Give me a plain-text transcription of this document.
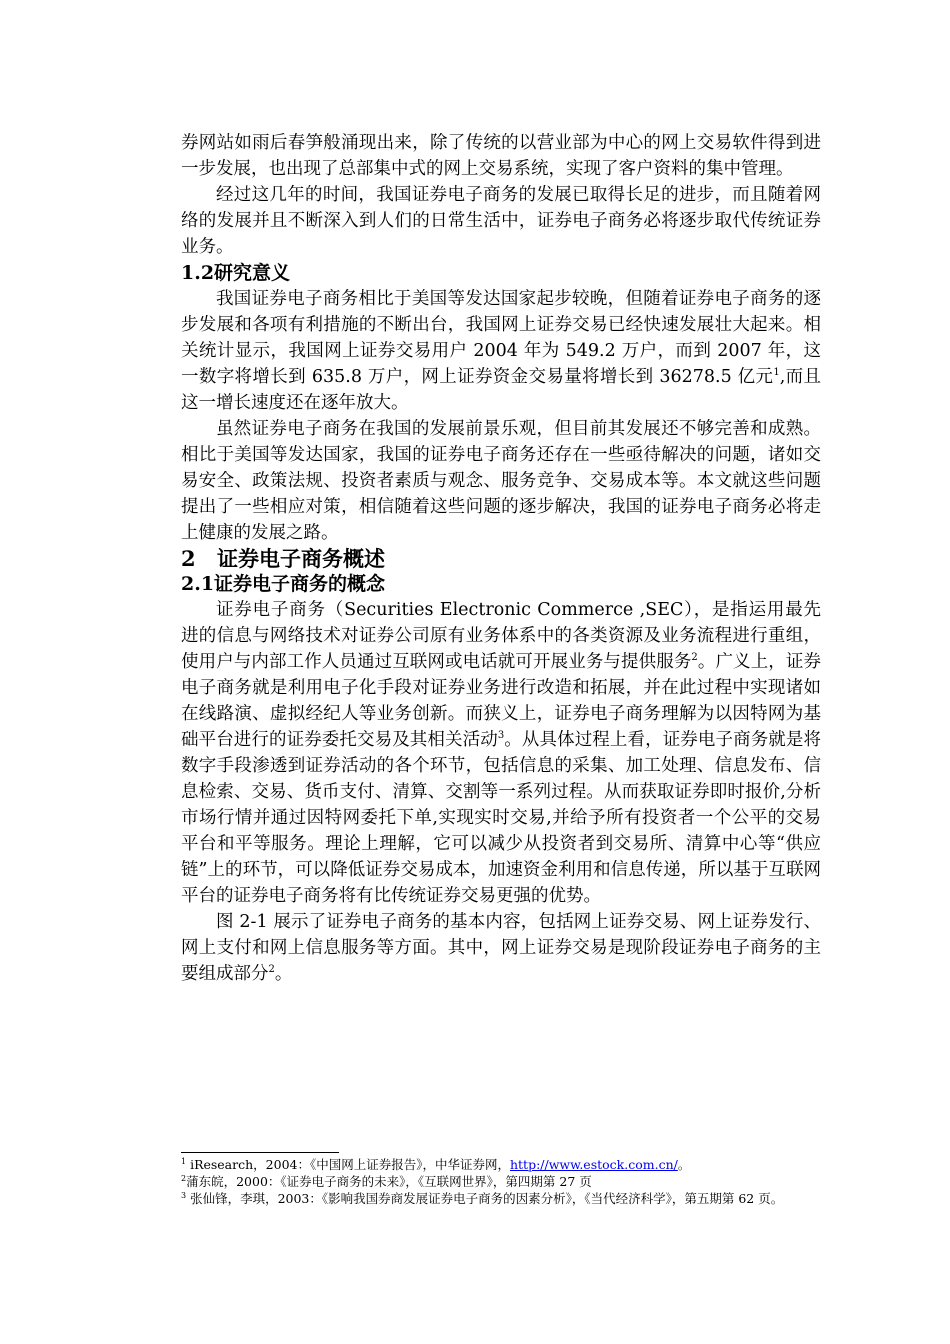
券网站如雨后春笋般涌现出来，除了传统的以营业部为中心的网上交易软件得到进一步发展，也出现了总部集中式的网上交易系统，实现了客户资料的集中管理。

经过这几年的时间，我国证券电子商务的发展已取得长足的进步，而且随着网络的发展并且不断深入到人们的日常生活中，证券电子商务必将逐步取代传统证券业务。

1.2研究意义

我国证券电子商务相比于美国等发达国家起步较晚，但随着证券电子商务的逐步发展和各项有利措施的不断出台，我国网上证券交易已经快速发展壮大起来。相关统计显示，我国网上证券交易用户 2004 年为 549.2 万户，而到 2007 年，这一数字将增长到 635.8 万户，网上证券资金交易量将增长到 36278.5 亿元$^1$,而且这一增长速度还在逐年放大。

虽然证券电子商务在我国的发展前景乐观，但目前其发展还不够完善和成熟。相比于美国等发达国家，我国的证券电子商务还存在一些亟待解决的问题，诸如交易安全、政策法规、投资者素质与观念、服务竞争、交易成本等。本文就这些问题提出了一些相应对策，相信随着这些问题的逐步解决，我国的证券电子商务必将走上健康的发展之路。

2 证券电子商务概述
2.1证券电子商务的概念

证券电子商务（Securities Electronic Commerce ,SEC），是指运用最先进的信息与网络技术对证券公司原有业务体系中的各类资源及业务流程进行重组，使用户与内部工作人员通过互联网或电话就可开展业务与提供服务$^2$。广义上，证券电子商务就是利用电子化手段对证券业务进行改造和拓展，并在此过程中实现诸如在线路演、虚拟经纪人等业务创新。而狭义上，证券电子商务理解为以因特网为基础平台进行的证券委托交易及其相关活动$^3$。从具体过程上看，证券电子商务就是将数字手段渗透到证券活动的各个环节，包括信息的采集、加工处理、信息发布、信息检索、交易、货币支付、清算、交割等一系列过程。从而获取证券即时报价,分析市场行情并通过因特网委托下单,实现实时交易,并给予所有投资者一个公平的交易平台和平等服务。理论上理解，它可以减少从投资者到交易所、清算中心等“供应链”上的环节，可以降低证券交易成本，加速资金利用和信息传递，所以基于互联网平台的证券电子商务将有比传统证券交易更强的优势。

图 2-1 展示了证券电子商务的基本内容，包括网上证券交易、网上证券发行、网上支付和网上信息服务等方面。其中，网上证券交易是现阶段证券电子商务的主要组成部分$^2$。

$^1$ iResearch，2004：《中国网上证券报告》，中华证券网，http://www.estock.com.cn/。

$^2$蒲东皖，2000：《证券电子商务的未来》，《互联网世界》，第四期第 27 页

$^3$ 张仙锋，李琪，2003：《影响我国券商发展证券电子商务的因素分析》，《当代经济科学》，第五期第 62 页。
